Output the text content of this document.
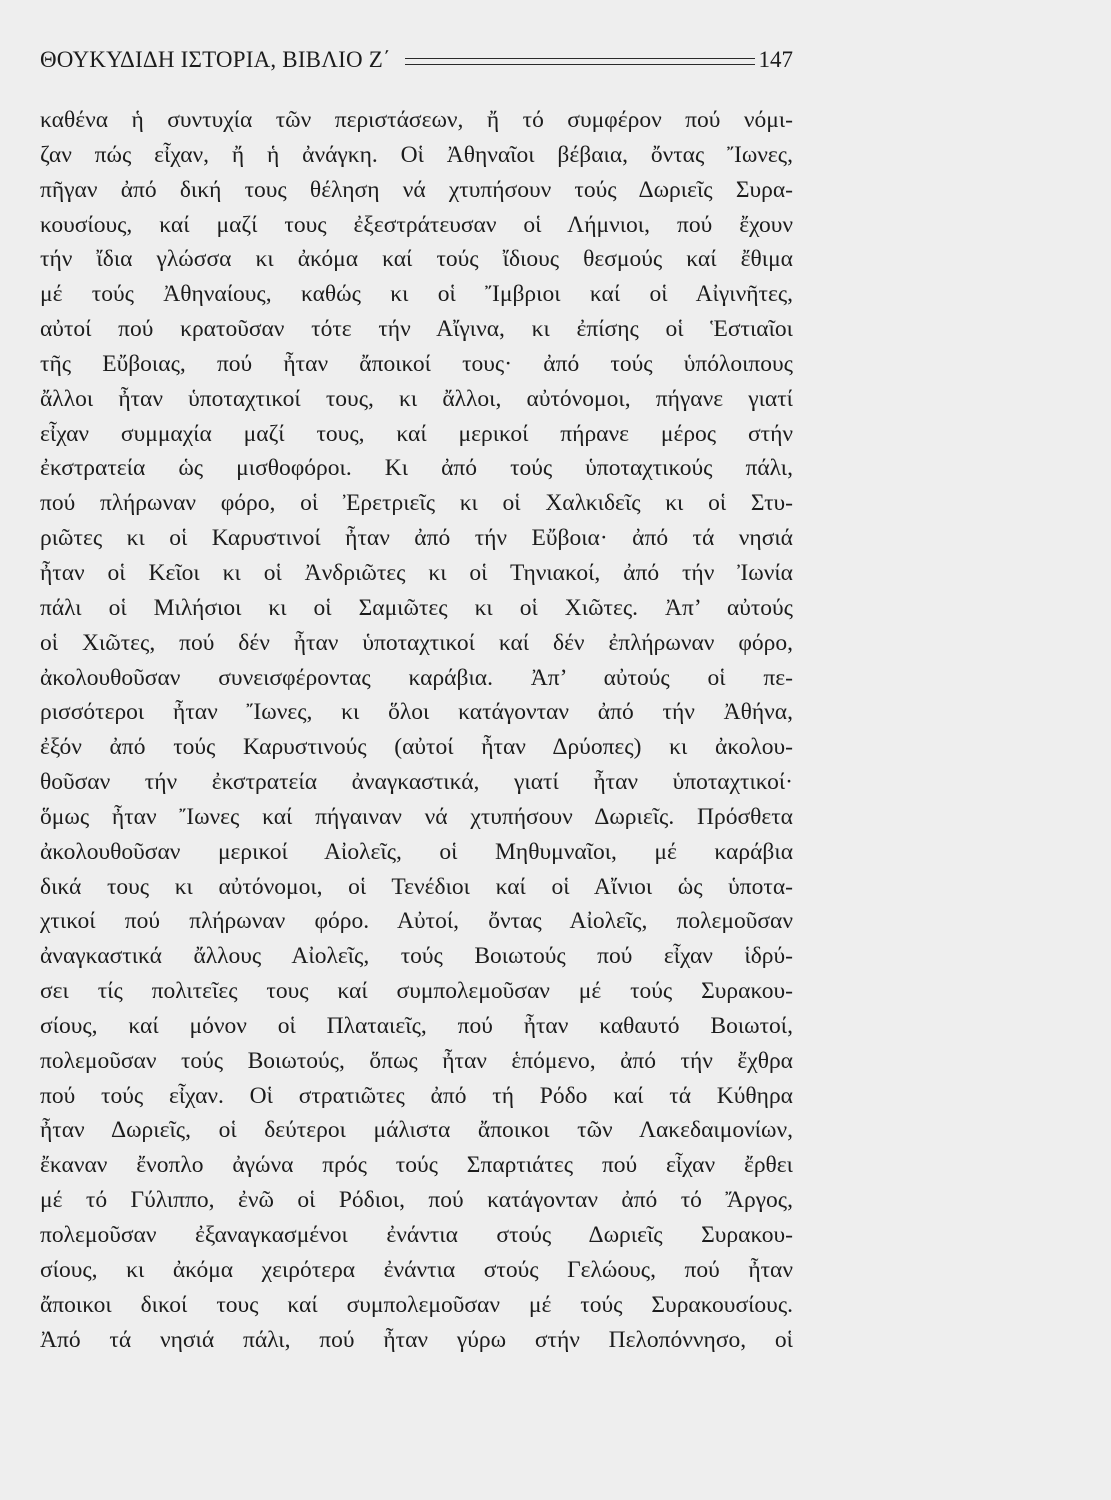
ΘΟΥΚΥΔΙΔΗ ΙΣΤΟΡΙΑ, ΒΙΒΛΙΟ Ζ΄	147
καθένα ἡ συντυχία τῶν περιστάσεων, ἤ τό συμφέρον πού νόμι-
ζαν πώς εἶχαν, ἤ ἡ ἀνάγκη. Οἱ Ἀθηναῖοι βέβαια, ὄντας Ἴωνες,
πῆγαν ἀπό δική τους θέληση νά χτυπήσουν τούς Δωριεῖς Συρα-
κουσίους, καί μαζί τους ἐξεστράτευσαν οἱ Λήμνιοι, πού ἔχουν
τήν ἴδια γλώσσα κι ἀκόμα καί τούς ἴδιους θεσμούς καί ἔθιμα
μέ τούς Ἀθηναίους, καθώς κι οἱ Ἴμβριοι καί οἱ Αἰγινῆτες,
αὐτοί πού κρατοῦσαν τότε τήν Αἴγινα, κι ἐπίσης οἱ Ἑστιαῖοι
τῆς Εὔβοιας, πού ἦταν ἄποικοί τους· ἀπό τούς ὑπόλοιπους
ἄλλοι ἦταν ὑποταχτικοί τους, κι ἄλλοι, αὐτόνομοι, πήγανε γιατί
εἶχαν συμμαχία μαζί τους, καί μερικοί πήρανε μέρος στήν
ἐκστρατεία ὡς μισθοφόροι. Κι ἀπό τούς ὑποταχτικούς πάλι,
πού πλήρωναν φόρο, οἱ Ἐρετριεῖς κι οἱ Χαλκιδεῖς κι οἱ Στυ-
ριῶτες κι οἱ Καρυστινοί ἦταν ἀπό τήν Εὔβοια· ἀπό τά νησιά
ἦταν οἱ Κεῖοι κι οἱ Ἀνδριῶτες κι οἱ Τηνιακοί, ἀπό τήν Ἰωνία
πάλι οἱ Μιλήσιοι κι οἱ Σαμιῶτες κι οἱ Χιῶτες. Ἀπ’ αὐτούς
οἱ Χιῶτες, πού δέν ἦταν ὑποταχτικοί καί δέν ἐπλήρωναν φόρο,
ἀκολουθοῦσαν συνεισφέροντας καράβια. Ἀπ’ αὐτούς οἱ πε-
ρισσότεροι ἦταν Ἴωνες, κι ὅλοι κατάγονταν ἀπό τήν Ἀθήνα,
ἐξόν ἀπό τούς Καρυστινούς (αὐτοί ἦταν Δρύοπες) κι ἀκολου-
θοῦσαν τήν ἐκστρατεία ἀναγκαστικά, γιατί ἦταν ὑποταχτικοί·
ὅμως ἦταν Ἴωνες καί πήγαιναν νά χτυπήσουν Δωριεῖς. Πρόσθετα
ἀκολουθοῦσαν μερικοί Αἰολεῖς, οἱ Μηθυμναῖοι, μέ καράβια
δικά τους κι αὐτόνομοι, οἱ Τενέδιοι καί οἱ Αἴνιοι ὡς ὑποτα-
χτικοί πού πλήρωναν φόρο. Αὐτοί, ὄντας Αἰολεῖς, πολεμοῦσαν
ἀναγκαστικά ἄλλους Αἰολεῖς, τούς Βοιωτούς πού εἶχαν ἱδρύ-
σει τίς πολιτεῖες τους καί συμπολεμοῦσαν μέ τούς Συρακου-
σίους, καί μόνον οἱ Πλαταιεῖς, πού ἦταν καθαυτό Βοιωτοί,
πολεμοῦσαν τούς Βοιωτούς, ὅπως ἦταν ἑπόμενο, ἀπό τήν ἔχθρα
πού τούς εἶχαν. Οἱ στρατιῶτες ἀπό τή Ρόδο καί τά Κύθηρα
ἦταν Δωριεῖς, οἱ δεύτεροι μάλιστα ἄποικοι τῶν Λακεδαιμονίων,
ἔκαναν ἔνοπλο ἀγώνα πρός τούς Σπαρτιάτες πού εἶχαν ἔρθει
μέ τό Γύλιππο, ἐνῶ οἱ Ρόδιοι, πού κατάγονταν ἀπό τό Ἄργος,
πολεμοῦσαν ἐξαναγκασμένοι ἐνάντια στούς Δωριεῖς Συρακου-
σίους, κι ἀκόμα χειρότερα ἐνάντια στούς Γελώους, πού ἦταν
ἄποικοι δικοί τους καί συμπολεμοῦσαν μέ τούς Συρακουσίους.
Ἀπό τά νησιά πάλι, πού ἦταν γύρω στήν Πελοπόννησο, οἱ
